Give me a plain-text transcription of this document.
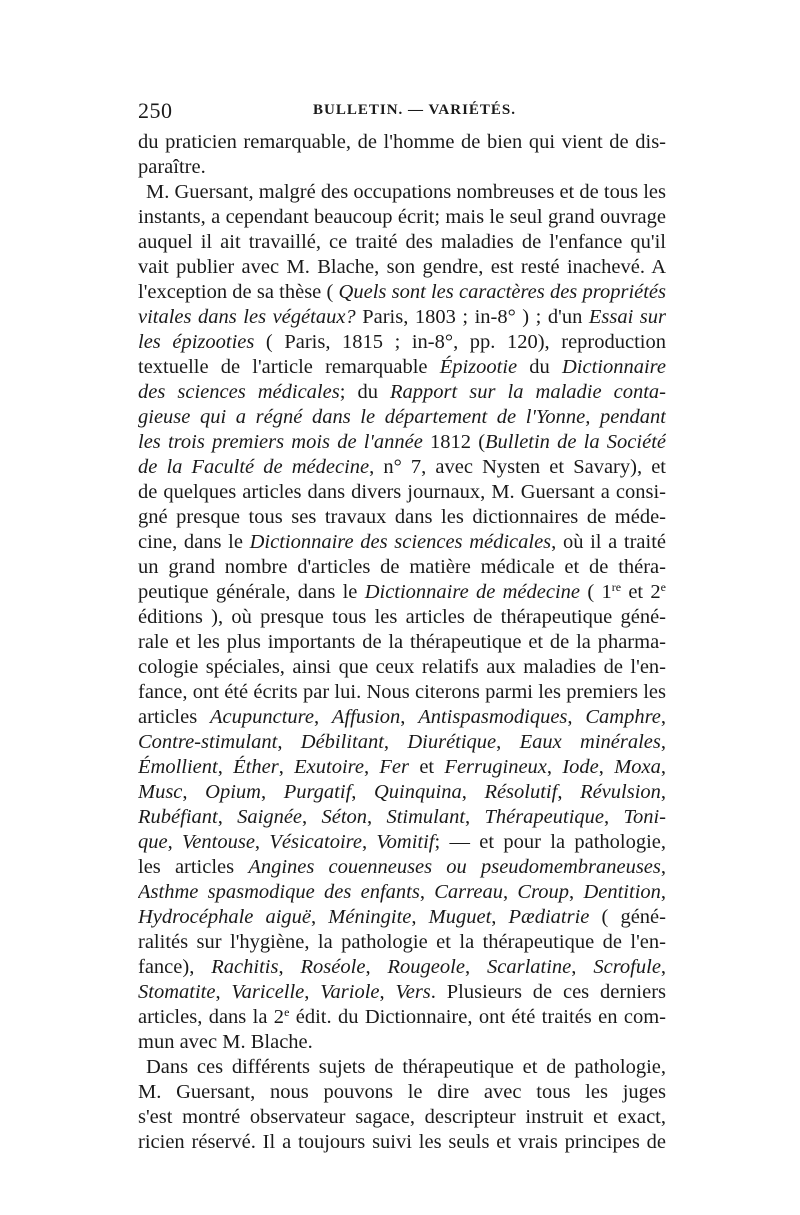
250	BULLETIN. — VARIÉTÉS.
du praticien remarquable, de l'homme de bien qui vient de dis-
paraître.
M. Guersant, malgré des occupations nombreuses et de tous les
instants, a cependant beaucoup écrit; mais le seul grand ouvrage
auquel il ait travaillé, ce traité des maladies de l'enfance qu'il
vait publier avec M. Blache, son gendre, est resté inachevé. A
l'exception de sa thèse ( Quels sont les caractères des propriétés
vitales dans les végétaux? Paris, 1803 ; in-8° ) ; d'un Essai sur
les épizooties ( Paris, 1815 ; in-8°, pp. 120), reproduction
textuelle de l'article remarquable Épizootie du Dictionnaire
des sciences médicales; du Rapport sur la maladie conta-
gieuse qui a régné dans le département de l'Yonne, pendant
les trois premiers mois de l'année 1812 (Bulletin de la Société
de la Faculté de médecine, n° 7, avec Nysten et Savary), et
de quelques articles dans divers journaux, M. Guersant a consi-
gné presque tous ses travaux dans les dictionnaires de méde-
cine, dans le Dictionnaire des sciences médicales, où il a traité
un grand nombre d'articles de matière médicale et de théra-
peutique générale, dans le Dictionnaire de médecine ( 1re et 2e
éditions ), où presque tous les articles de thérapeutique géné-
rale et les plus importants de la thérapeutique et de la pharma-
cologie spéciales, ainsi que ceux relatifs aux maladies de l'en-
fance, ont été écrits par lui. Nous citerons parmi les premiers les
articles Acupuncture, Affusion, Antispasmodiques, Camphre,
Contre-stimulant, Débilitant, Diurétique, Eaux minérales,
Émollient, Éther, Exutoire, Fer et Ferrugineux, Iode, Moxa,
Musc, Opium, Purgatif, Quinquina, Résolutif, Révulsion,
Rubéfiant, Saignée, Séton, Stimulant, Thérapeutique, Toni-
que, Ventouse, Vésicatoire, Vomitif; — et pour la pathologie,
les articles Angines couenneuses ou pseudomembraneuses,
Asthme spasmodique des enfants, Carreau, Croup, Dentition,
Hydrocéphale aiguë, Méningite, Muguet, Pædiatrie ( géné-
ralités sur l'hygiène, la pathologie et la thérapeutique de l'en-
fance), Rachitis, Roséole, Rougeole, Scarlatine, Scrofule,
Stomatite, Varicelle, Variole, Vers. Plusieurs de ces derniers
articles, dans la 2e édit. du Dictionnaire, ont été traités en com-
mun avec M. Blache.
Dans ces différents sujets de thérapeutique et de pathologie,
M. Guersant, nous pouvons le dire avec tous les juges
s'est montré observateur sagace, descripteur instruit et exact,
ricien réservé. Il a toujours suivi les seuls et vrais principes de
